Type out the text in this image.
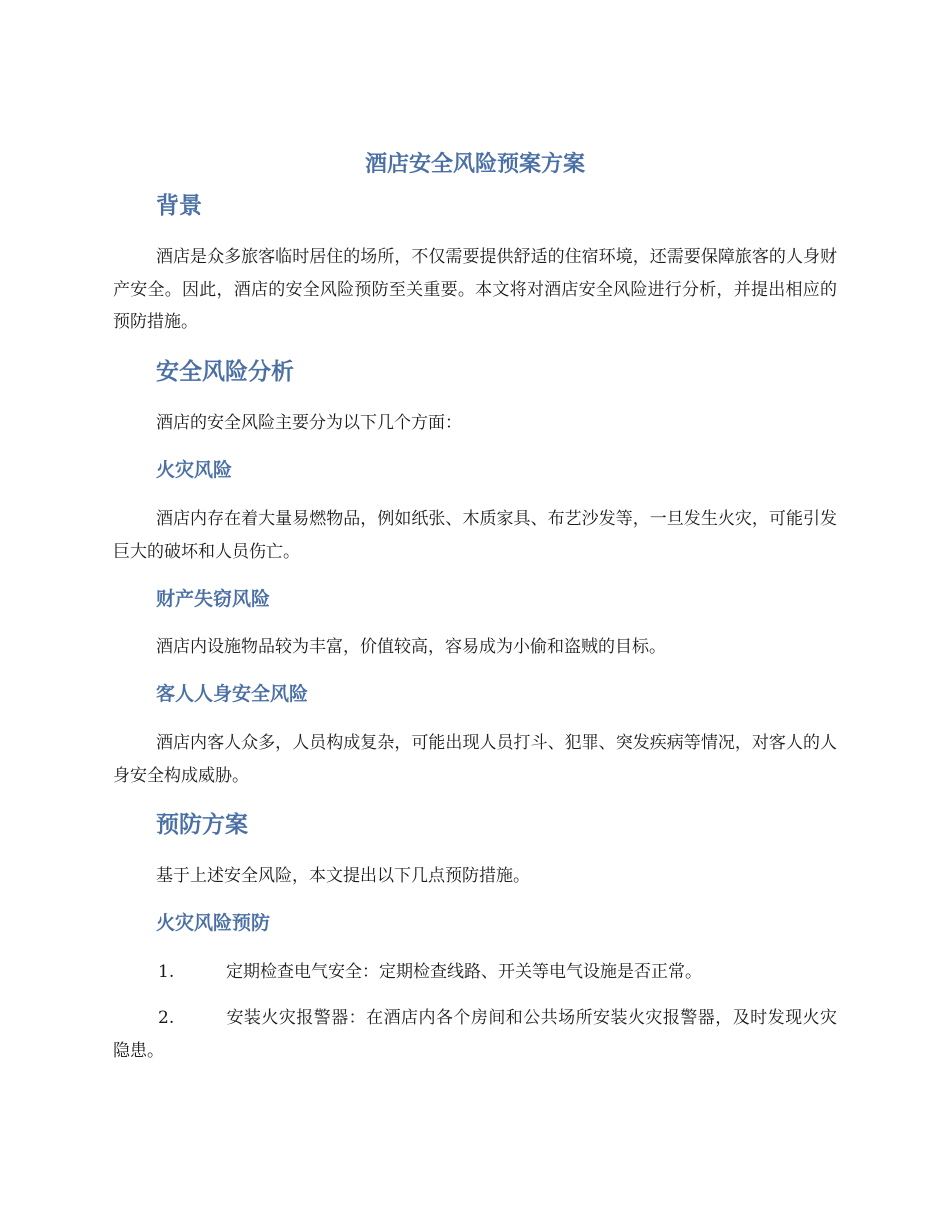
酒店安全风险预案方案
背景

酒店是众多旅客临时居住的场所，不仅需要提供舒适的住宿环境，还需要保障旅客的人身财产安全。因此，酒店的安全风险预防至关重要。本文将对酒店安全风险进行分析，并提出相应的预防措施。

安全风险分析

酒店的安全风险主要分为以下几个方面：

火灾风险

酒店内存在着大量易燃物品，例如纸张、木质家具、布艺沙发等，一旦发生火灾，可能引发巨大的破坏和人员伤亡。

财产失窃风险

酒店内设施物品较为丰富，价值较高，容易成为小偷和盗贼的目标。

客人人身安全风险

酒店内客人众多，人员构成复杂，可能出现人员打斗、犯罪、突发疾病等情况，对客人的人身安全构成威胁。

预防方案

基于上述安全风险，本文提出以下几点预防措施。

火灾风险预防

1.	定期检查电气安全：定期检查线路、开关等电气设施是否正常。

2.	安装火灾报警器：在酒店内各个房间和公共场所安装火灾报警器，及时发现火灾隐患。
